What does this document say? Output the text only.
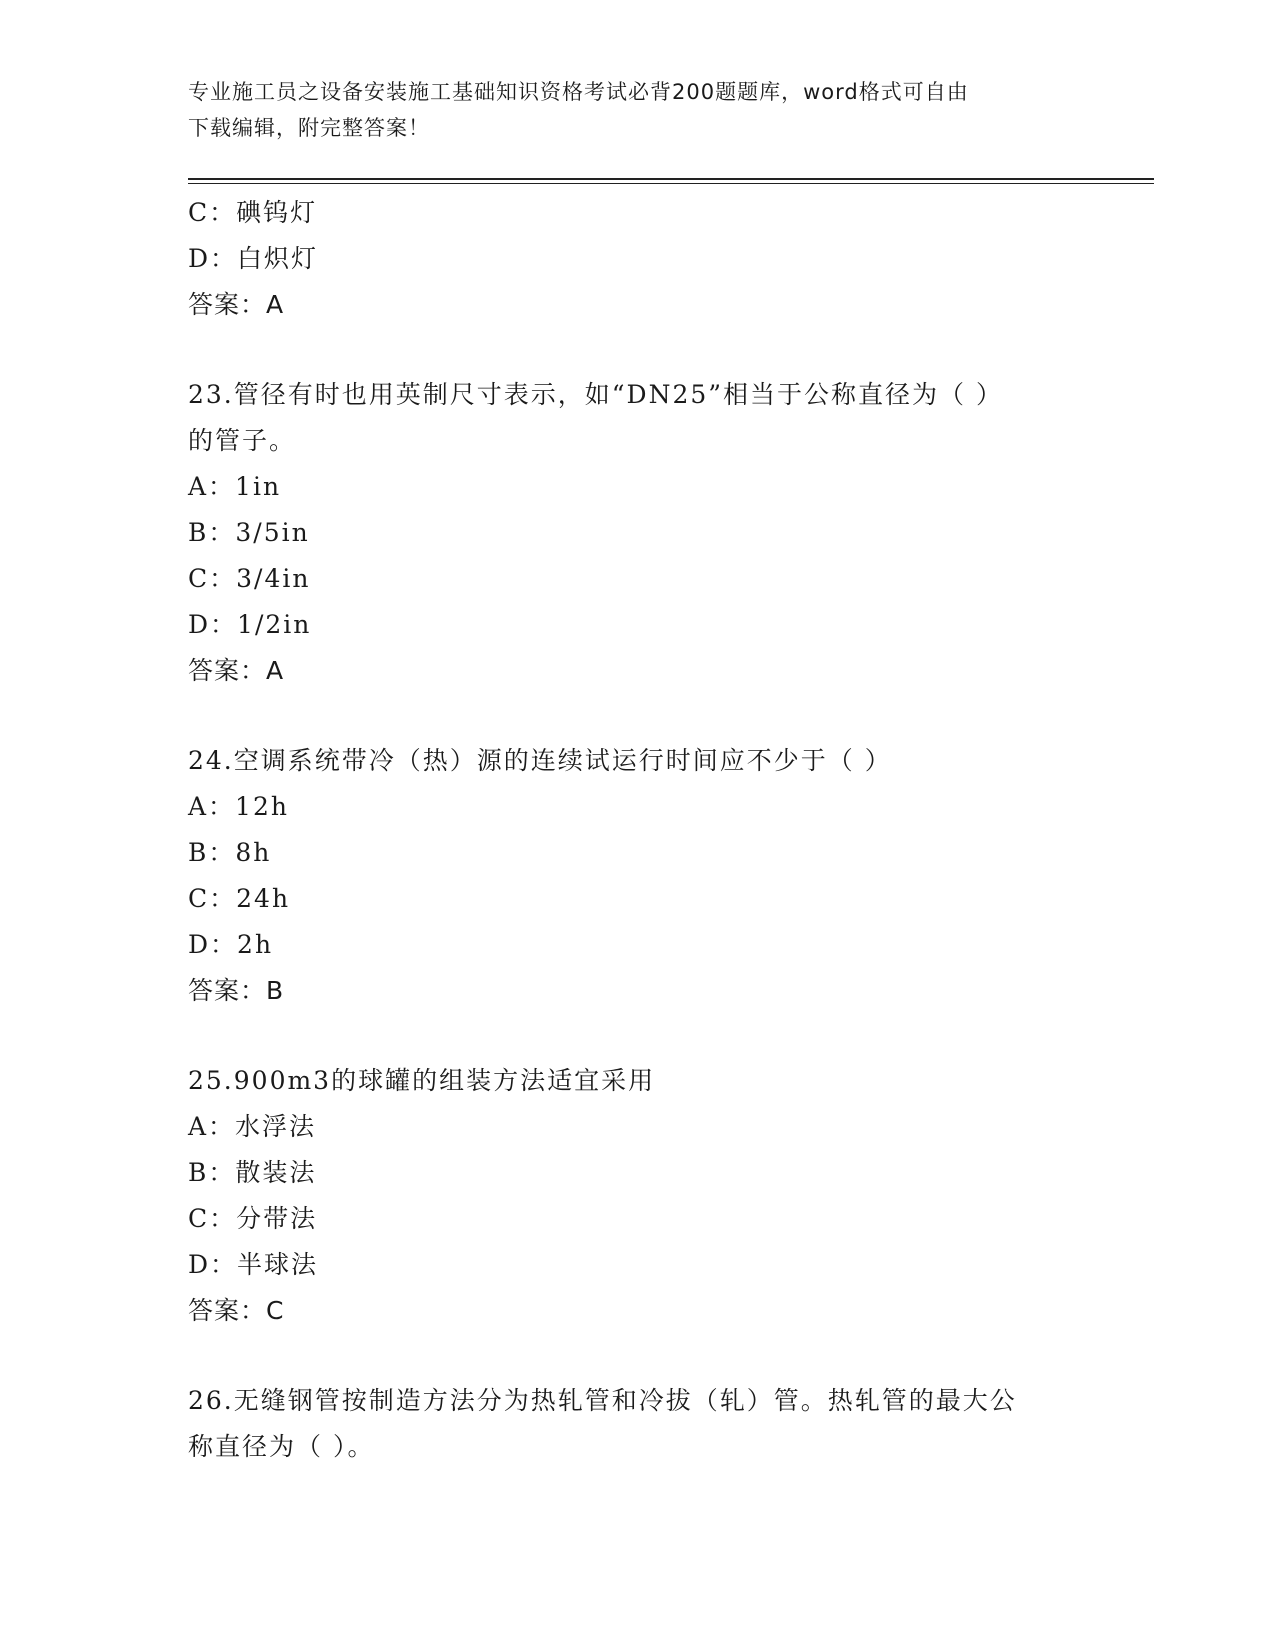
专业施工员之设备安装施工基础知识资格考试必背200题题库，word格式可自由
下载编辑，附完整答案！
C：碘钨灯
D：白炽灯
答案：A
23.管径有时也用英制尺寸表示，如“DN25”相当于公称直径为（ ）
的管子。
A：1in
B：3/5in
C：3/4in
D：1/2in
答案：A
24.空调系统带冷（热）源的连续试运行时间应不少于（ ）
A：12h
B：8h
C：24h
D：2h
答案：B
25.900m3的球罐的组装方法适宜采用
A：水浮法
B：散装法
C：分带法
D：半球法
答案：C
26.无缝钢管按制造方法分为热轧管和冷拔（轧）管。热轧管的最大公
称直径为（ ）。
